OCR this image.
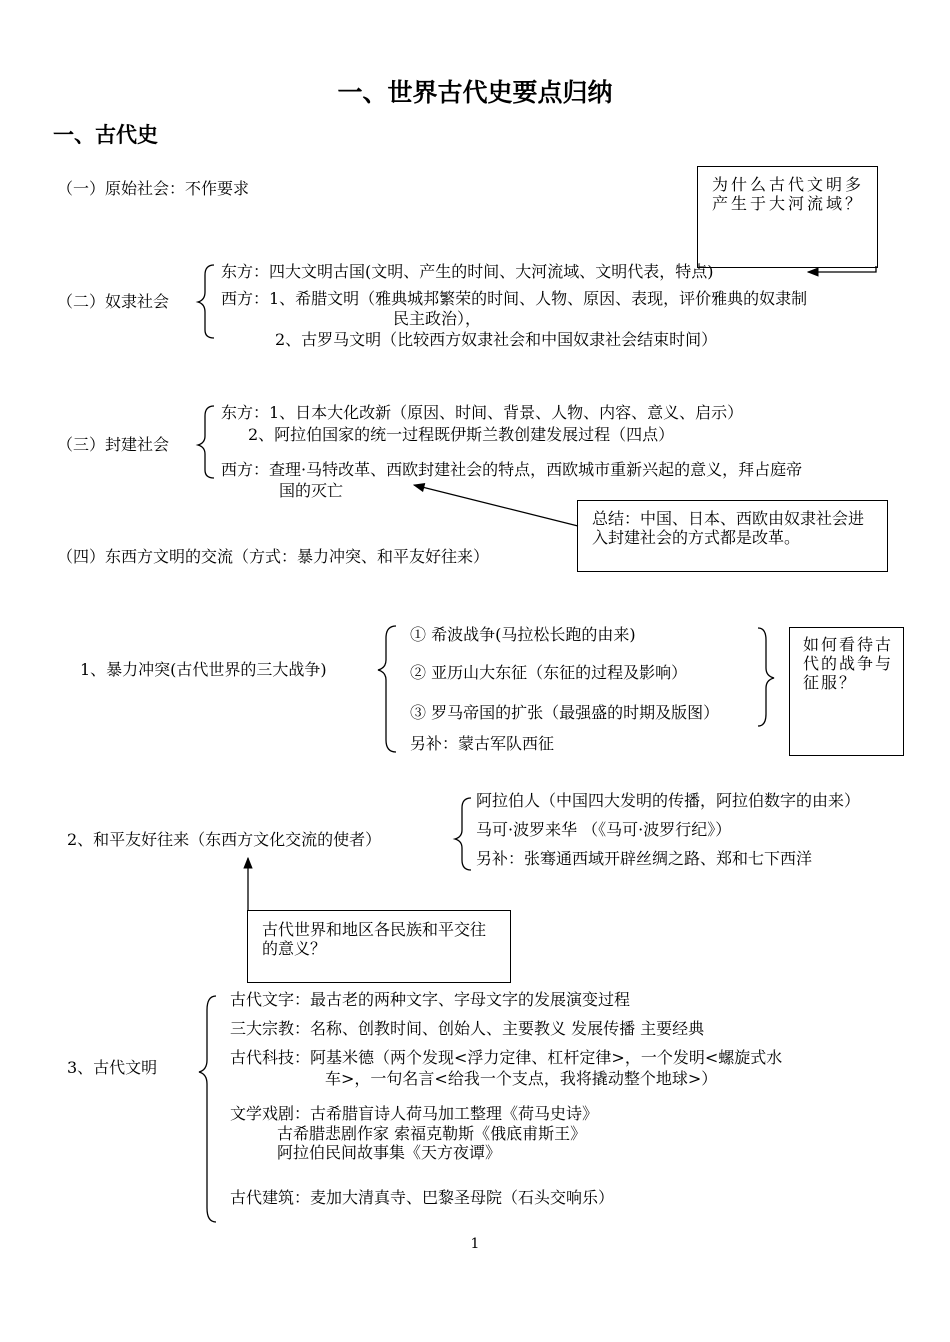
一、世界古代史要点归纳
一、古代史
（一）原始社会：不作要求	为什么古代文明多产生于大河流域？
（二）奴隶社会
东方：四大文明古国(文明、产生的时间、大河流域、文明代表，特点)
西方：1、希腊文明（雅典城邦繁荣的时间、人物、原因、表现，评价雅典的奴隶制
民主政治），
2、古罗马文明（比较西方奴隶社会和中国奴隶社会结束时间）
（三）封建社会
东方：1、日本大化改新（原因、时间、背景、人物、内容、意义、启示）
2、阿拉伯国家的统一过程既伊斯兰教创建发展过程（四点）
西方：查理·马特改革、西欧封建社会的特点，西欧城市重新兴起的意义，拜占庭帝
国的灭亡
总结：中国、日本、西欧由奴隶社会进入封建社会的方式都是改革。
（四）东西方文明的交流（方式：暴力冲突、和平友好往来）
1、暴力冲突(古代世界的三大战争)
① 希波战争(马拉松长跑的由来)
② 亚历山大东征（东征的过程及影响）
③ 罗马帝国的扩张（最强盛的时期及版图）
另补：蒙古军队西征
如何看待古代的战争与征服？
2、和平友好往来（东西方文化交流的使者）
阿拉伯人（中国四大发明的传播，阿拉伯数字的由来）
马可·波罗来华 （《马可·波罗行纪》）
另补：张骞通西域开辟丝绸之路、郑和七下西洋
古代世界和地区各民族和平交往的意义？
3、古代文明
古代文字：最古老的两种文字、字母文字的发展演变过程
三大宗教：名称、创教时间、创始人、主要教义 发展传播 主要经典
古代科技：阿基米德（两个发现<浮力定律、杠杆定律>，一个发明<螺旋式水
车>，一句名言<给我一个支点，我将撬动整个地球>）
文学戏剧：古希腊盲诗人荷马加工整理《荷马史诗》
古希腊悲剧作家 索福克勒斯《俄底甫斯王》
阿拉伯民间故事集《天方夜谭》
古代建筑：麦加大清真寺、巴黎圣母院（石头交响乐）
1
